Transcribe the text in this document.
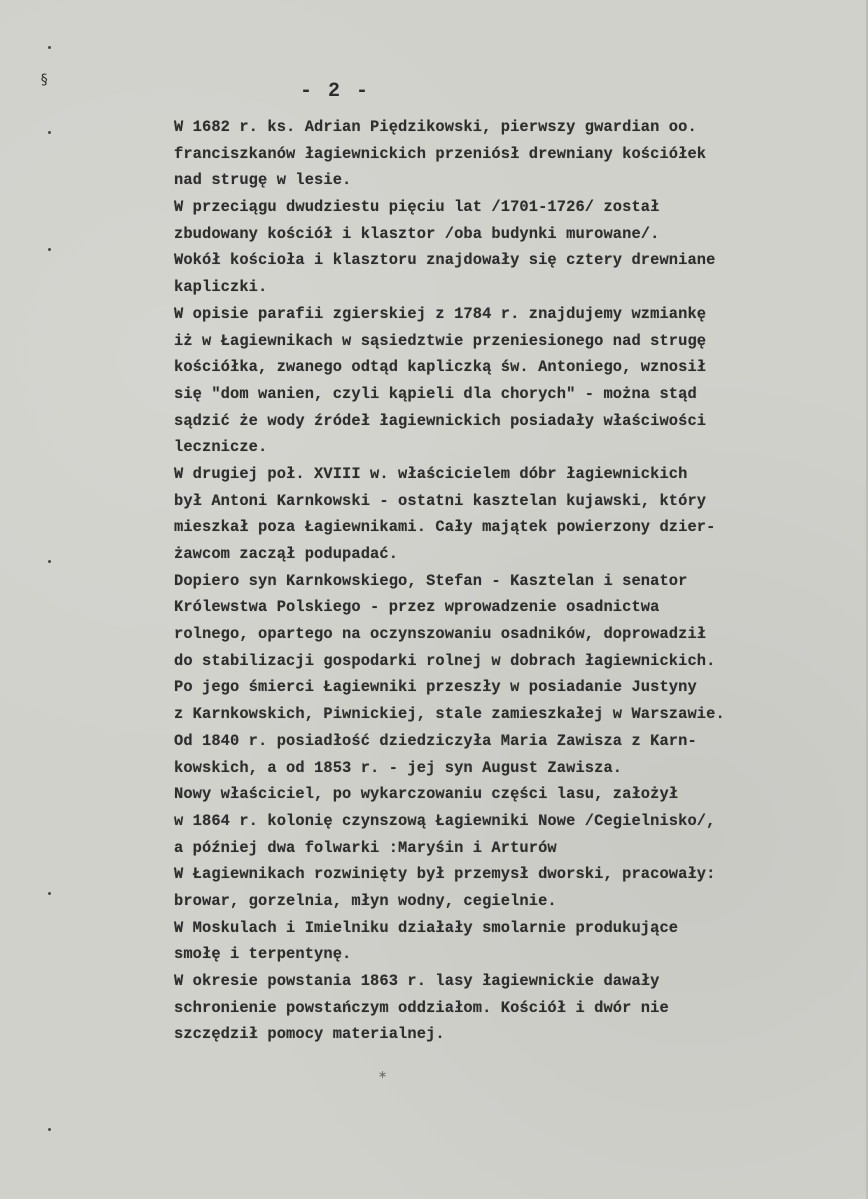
§	- 2 -
W 1682 r. ks. Adrian Piędzikowski, pierwszy gwardian oo.
franciszkanów łagiewnickich przeniósł drewniany kościółek
nad strugę w lesie.
W przeciągu dwudziestu pięciu lat /1701-1726/ został
zbudowany kościół i klasztor /oba budynki murowane/.
Wokół kościoła i klasztoru znajdowały się cztery drewniane
kapliczki.
W opisie parafii zgierskiej z 1784 r. znajdujemy wzmiankę
iż w Łagiewnikach w sąsiedztwie przeniesionego nad strugę
kościółka, zwanego odtąd kapliczką św. Antoniego, wznosił
się "dom wanien, czyli kąpieli dla chorych" - można stąd
sądzić że wody źródeł łagiewnickich posiadały właściwości
lecznicze.
W drugiej poł. XVIII w. właścicielem dóbr łagiewnickich
był Antoni Karnkowski - ostatni kasztelan kujawski, który
mieszkał poza Łagiewnikami. Cały majątek powierzony dzier-
żawcom zaczął podupadać.
Dopiero syn Karnkowskiego, Stefan - Kasztelan i senator
Królewstwa Polskiego - przez wprowadzenie osadnictwa
rolnego, opartego na oczynszowaniu osadników, doprowadził
do stabilizacji gospodarki rolnej w dobrach łagiewnickich.
Po jego śmierci Łagiewniki przeszły w posiadanie Justyny
z Karnkowskich, Piwnickiej, stale zamieszkałej w Warszawie.
Od 1840 r. posiadłość dziedziczyła Maria Zawisza z Karn-
kowskich, a od 1853 r. - jej syn August Zawisza.
Nowy właściciel, po wykarczowaniu części lasu, założył
w 1864 r. kolonię czynszową Łagiewniki Nowe /Cegielnisko/,
a później dwa folwarki :Maryśin i Arturów
W Łagiewnikach rozwinięty był przemysł dworski, pracowały:
browar, gorzelnia, młyn wodny, cegielnie.
W Moskulach i Imielniku działały smolarnie produkujące
smołę i terpentynę.
W okresie powstania 1863 r. lasy łagiewnickie dawały
schronienie powstańczym oddziałom. Kościół i dwór nie
szczędził pomocy materialnej.
∗
